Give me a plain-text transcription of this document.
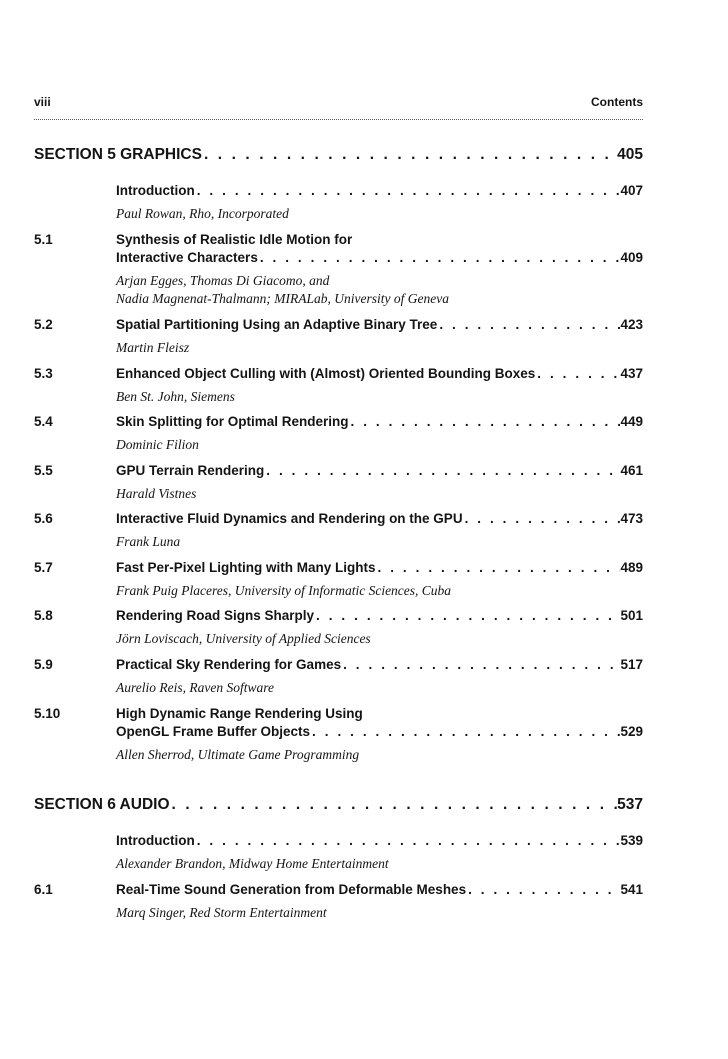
viii	Contents
SECTION 5 GRAPHICS . . .	405
Introduction . . .	407
Paul Rowan, Rho, Incorporated
5.1	Synthesis of Realistic Idle Motion for
Interactive Characters . . .	409
Arjan Egges, Thomas Di Giacomo, and
Nadia Magnenat-Thalmann; MIRALab, University of Geneva
5.2	Spatial Partitioning Using an Adaptive Binary Tree . . .	423
Martin Fleisz
5.3	Enhanced Object Culling with (Almost) Oriented Bounding Boxes . . .	437
Ben St. John, Siemens
5.4	Skin Splitting for Optimal Rendering . . .	449
Dominic Filion
5.5	GPU Terrain Rendering . . .	461
Harald Vistnes
5.6	Interactive Fluid Dynamics and Rendering on the GPU . . .	473
Frank Luna
5.7	Fast Per-Pixel Lighting with Many Lights . . .	489
Frank Puig Placeres, University of Informatic Sciences, Cuba
5.8	Rendering Road Signs Sharply . . .	501
Jörn Loviscach, University of Applied Sciences
5.9	Practical Sky Rendering for Games . . .	517
Aurelio Reis, Raven Software
5.10	High Dynamic Range Rendering Using
OpenGL Frame Buffer Objects . . .	529
Allen Sherrod, Ultimate Game Programming
SECTION 6 AUDIO . . .	537
Introduction . . .	539
Alexander Brandon, Midway Home Entertainment
6.1	Real-Time Sound Generation from Deformable Meshes . . .	541
Marq Singer, Red Storm Entertainment
